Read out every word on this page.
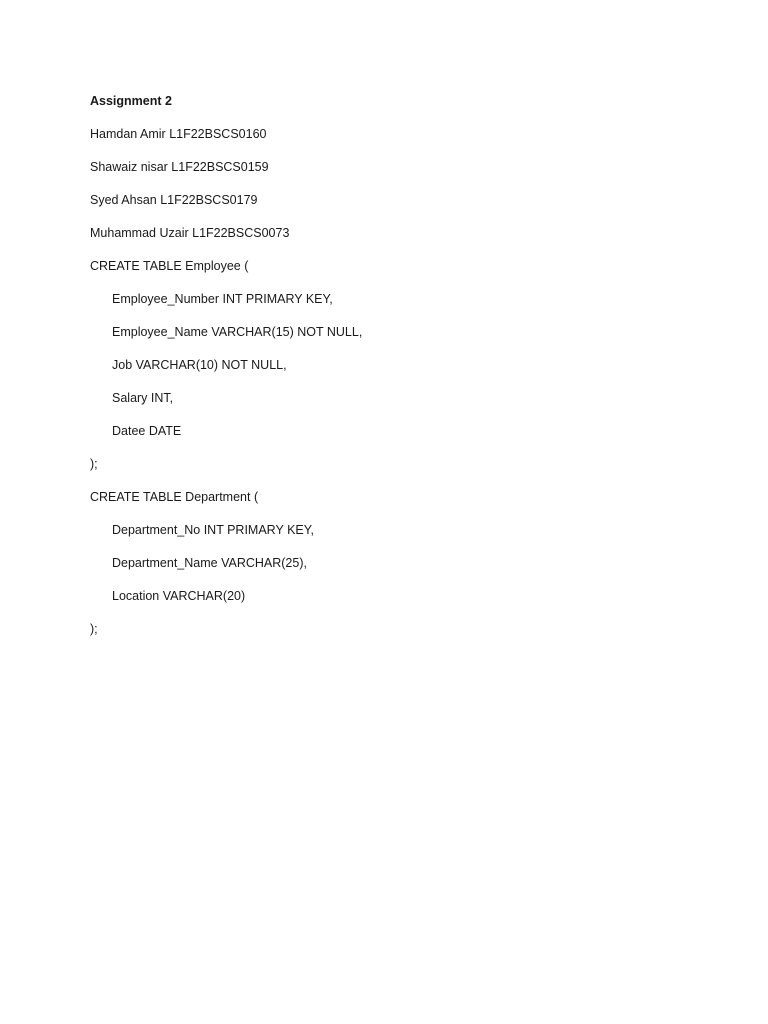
Assignment 2
Hamdan Amir L1F22BSCS0160
Shawaiz nisar L1F22BSCS0159
Syed Ahsan L1F22BSCS0179
Muhammad Uzair L1F22BSCS0073
CREATE TABLE Employee (
Employee_Number INT PRIMARY KEY,
Employee_Name VARCHAR(15) NOT NULL,
Job VARCHAR(10) NOT NULL,
Salary INT,
Datee DATE
);
CREATE TABLE Department (
Department_No INT PRIMARY KEY,
Department_Name VARCHAR(25),
Location VARCHAR(20)
);
